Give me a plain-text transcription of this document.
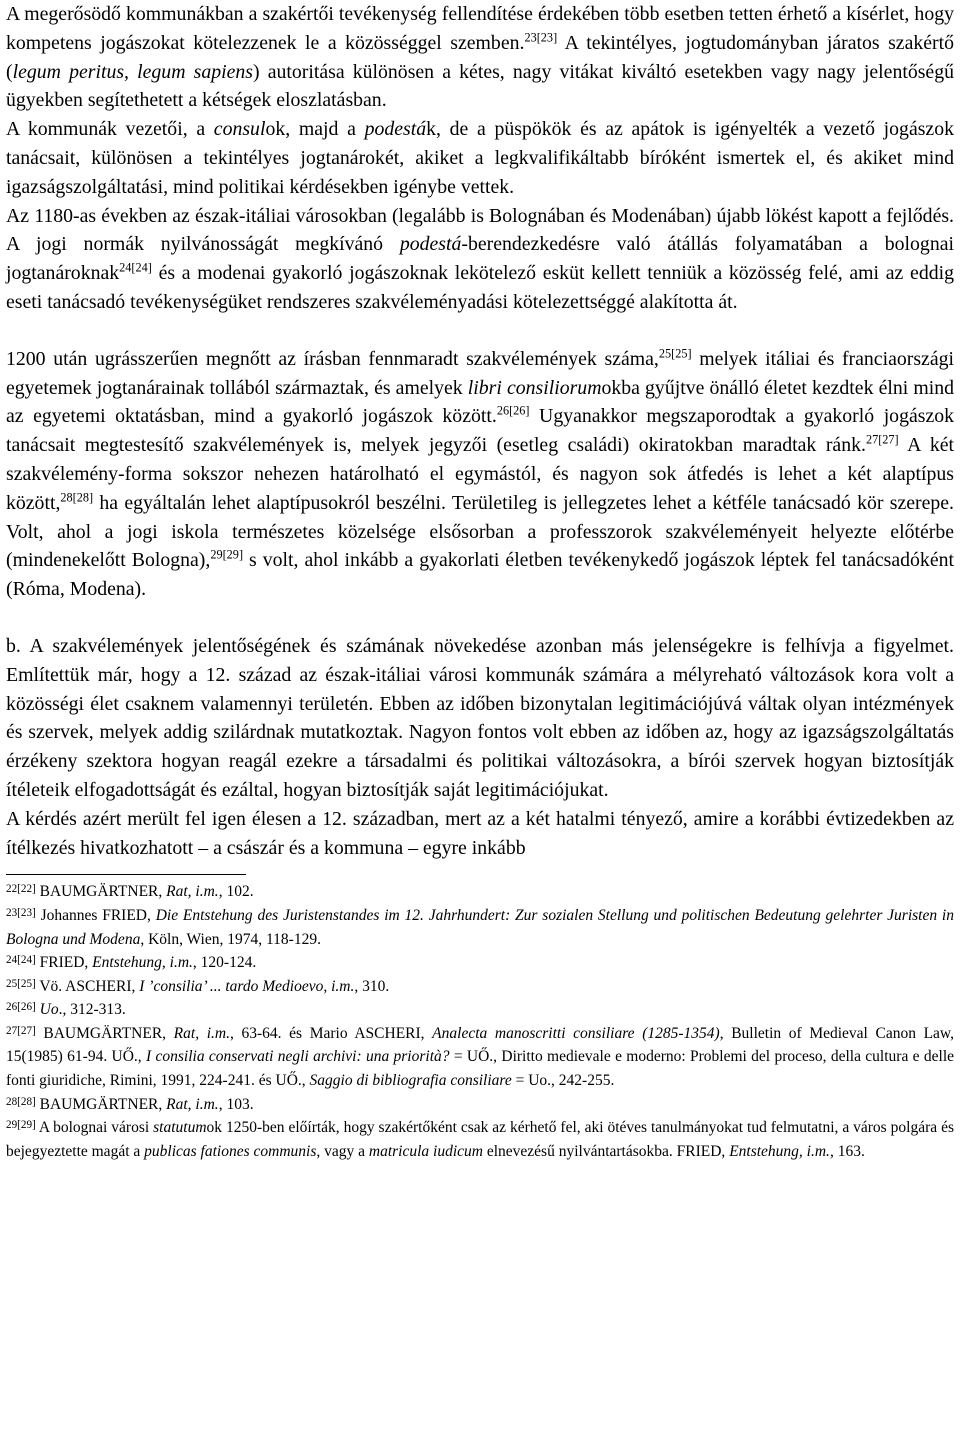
A megerősödő kommunákban a szakértői tevékenység fellendítése érdekében több esetben tetten érhető a kísérlet, hogy kompetens jogászokat kötelezzenek le a közösséggel szemben.$^{23[23]}$ A tekintélyes, jogtudományban járatos szakértő (legum peritus, legum sapiens) autoritása különösen a kétes, nagy vitákat kiváltó esetekben vagy nagy jelentőségű ügyekben segítethetett a kétségek eloszlatásban.

A kommunák vezetői, a consulok, majd a podesták, de a püspökök és az apátok is igényelték a vezető jogászok tanácsait, különösen a tekintélyes jogtanárokét, akiket a legkvalifikáltabb bíróként ismertek el, és akiket mind igazságszolgáltatási, mind politikai kérdésekben igénybe vettek.

Az 1180-as években az észak-itáliai városokban (legalább is Bolognában és Modenában) újabb lökést kapott a fejlődés. A jogi normák nyilvánosságát megkívánó podestá-berendezkedésre való átállás folyamatában a bolognai jogtanároknak$^{24[24]}$ és a modenai gyakorló jogászoknak lekötelező esküt kellett tenniük a közösség felé, ami az eddig eseti tanácsadó tevékenységüket rendszeres szakvéleményadási kötelezettséggé alakította át.

1200 után ugrásszerűen megnőtt az írásban fennmaradt szakvélemények száma,$^{25[25]}$ melyek itáliai és franciaországi egyetemek jogtanárainak tollából származtak, és amelyek libri consiliorumokba gyűjtve önálló életet kezdtek élni mind az egyetemi oktatásban, mind a gyakorló jogászok között.$^{26[26]}$ Ugyanakkor megszaporodtak a gyakorló jogászok tanácsait megtestesítő szakvélemények is, melyek jegyzői (esetleg családi) okiratokban maradtak ránk.$^{27[27]}$ A két szakvélemény-forma sokszor nehezen határolható el egymástól, és nagyon sok átfedés is lehet a két alaptípus között,$^{28[28]}$ ha egyáltalán lehet alaptípusokról beszélni. Területileg is jellegzetes lehet a kétféle tanácsadó kör szerepe. Volt, ahol a jogi iskola természetes közelsége elsősorban a professzorok szakvéleményeit helyezte előtérbe (mindenekelőtt Bologna),$^{29[29]}$ s volt, ahol inkább a gyakorlati életben tevékenykedő jogászok léptek fel tanácsadóként (Róma, Modena).

b. A szakvélemények jelentőségének és számának növekedése azonban más jelenségekre is felhívja a figyelmet. Említettük már, hogy a 12. század az észak-itáliai városi kommunák számára a mélyreható változások kora volt a közösségi élet csaknem valamennyi területén. Ebben az időben bizonytalan legitimációjúvá váltak olyan intézmények és szervek, melyek addig szilárdnak mutatkoztak. Nagyon fontos volt ebben az időben az, hogy az igazságszolgáltatás érzékeny szektora hogyan reagál ezekre a társadalmi és politikai változásokra, a bírói szervek hogyan biztosítják ítéleteik elfogadottságát és ezáltal, hogyan biztosítják saját legitimációjukat.

A kérdés azért merült fel igen élesen a 12. században, mert az a két hatalmi tényező, amire a korábbi évtizedekben az ítélkezés hivatkozhatott – a császár és a kommuna – egyre inkább

$^{22[22]}$ BAUMGÄRTNER, Rat, i.m., 102.

$^{23[23]}$ Johannes FRIED, Die Entstehung des Juristenstandes im 12. Jahrhundert: Zur sozialen Stellung und politischen Bedeutung gelehrter Juristen in Bologna und Modena, Köln, Wien, 1974, 118-129.

$^{24[24]}$ FRIED, Entstehung, i.m., 120-124.

$^{25[25]}$ Vö. ASCHERI, I ’consilia’ ... tardo Medioevo, i.m., 310.

$^{26[26]}$ Uo., 312-313.

$^{27[27]}$ BAUMGÄRTNER, Rat, i.m., 63-64. és Mario ASCHERI, Analecta manoscritti consiliare (1285-1354), Bulletin of Medieval Canon Law, 15(1985) 61-94. UŐ., I consilia conservati negli archivi: una priorità? = UŐ., Diritto medievale e moderno: Problemi del proceso, della cultura e delle fonti giuridiche, Rimini, 1991, 224-241. és UŐ., Saggio di bibliografia consiliare = Uo., 242-255.

$^{28[28]}$ BAUMGÄRTNER, Rat, i.m., 103.

$^{29[29]}$ A bolognai városi statutumok 1250-ben előírták, hogy szakértőként csak az kérhető fel, aki ötéves tanulmányokat tud felmutatni, a város polgára és bejegyeztette magát a publicas fationes communis, vagy a matricula iudicum elnevezésű nyilvántartásokba. FRIED, Entstehung, i.m., 163.
